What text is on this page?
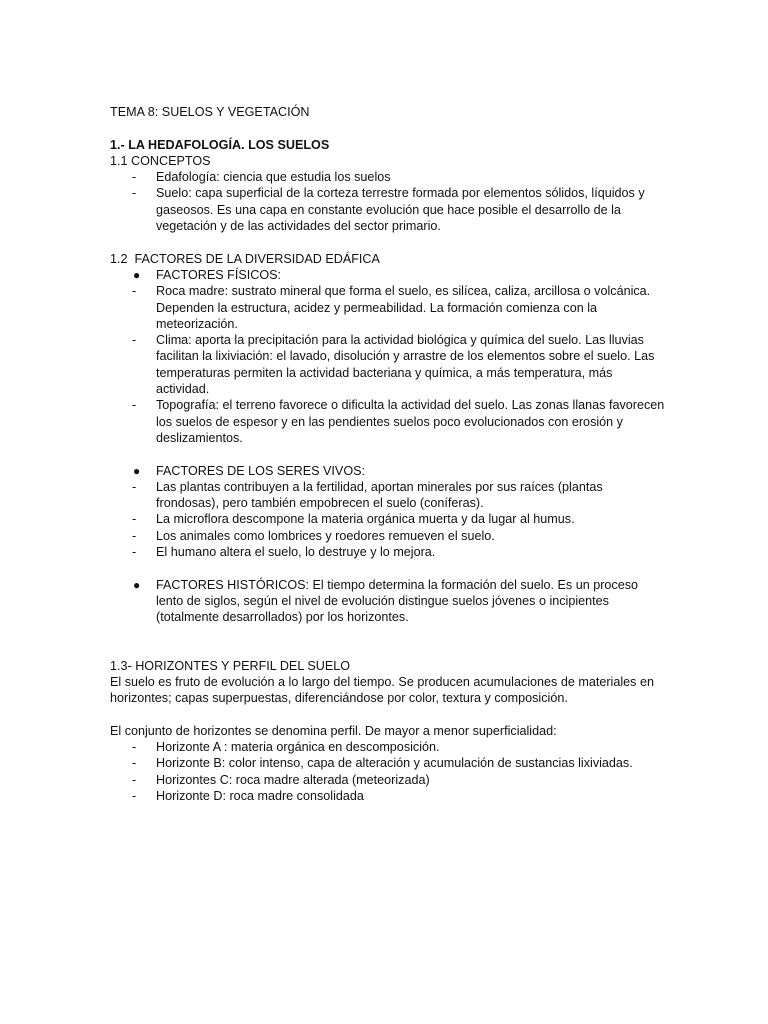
TEMA 8: SUELOS Y VEGETACIÓN

1.- LA HEDAFOLOGÍA. LOS SUELOS

1.1 CONCEPTOS

-	Edafología: ciencia que estudia los suelos
-	Suelo: capa superficial de la corteza terrestre formada por elementos sólidos, líquidos y gaseosos. Es una capa en constante evolución que hace posible el desarrollo de la vegetación y de las actividades del sector primario.

1.2  FACTORES DE LA DIVERSIDAD EDÁFICA

●	FACTORES FÍSICOS:
-	Roca madre: sustrato mineral que forma el suelo, es silícea, caliza, arcillosa o volcánica. Dependen la estructura, acidez y permeabilidad. La formación comienza con la meteorización.
-	Clima: aporta la precipitación para la actividad biológica y química del suelo. Las lluvias facilitan la lixiviación: el lavado, disolución y arrastre de los elementos sobre el suelo. Las temperaturas permiten la actividad bacteriana y química, a más temperatura, más actividad.
-	Topografía: el terreno favorece o dificulta la actividad del suelo. Las zonas llanas favorecen los suelos de espesor y en las pendientes suelos poco evolucionados con erosión y deslizamientos.
●	FACTORES DE LOS SERES VIVOS:
-	Las plantas contribuyen a la fertilidad, aportan minerales por sus raíces (plantas frondosas), pero también empobrecen el suelo (coníferas).
-	La microflora descompone la materia orgánica muerta y da lugar al humus.
-	Los animales como lombrices y roedores remueven el suelo.
-	El humano altera el suelo, lo destruye y lo mejora.
●	FACTORES HISTÓRICOS: El tiempo determina la formación del suelo. Es un proceso lento de siglos, según el nivel de evolución distingue suelos jóvenes o incipientes (totalmente desarrollados) por los horizontes.

1.3- HORIZONTES Y PERFIL DEL SUELO

El suelo es fruto de evolución a lo largo del tiempo. Se producen acumulaciones de materiales en horizontes; capas superpuestas, diferenciándose por color, textura y composición.

El conjunto de horizontes se denomina perfil. De mayor a menor superficialidad:

-	Horizonte A : materia orgánica en descomposición.
-	Horizonte B: color intenso, capa de alteración y acumulación de sustancias lixiviadas.
-	Horizontes C: roca madre alterada (meteorizada)
-	Horizonte D: roca madre consolidada
